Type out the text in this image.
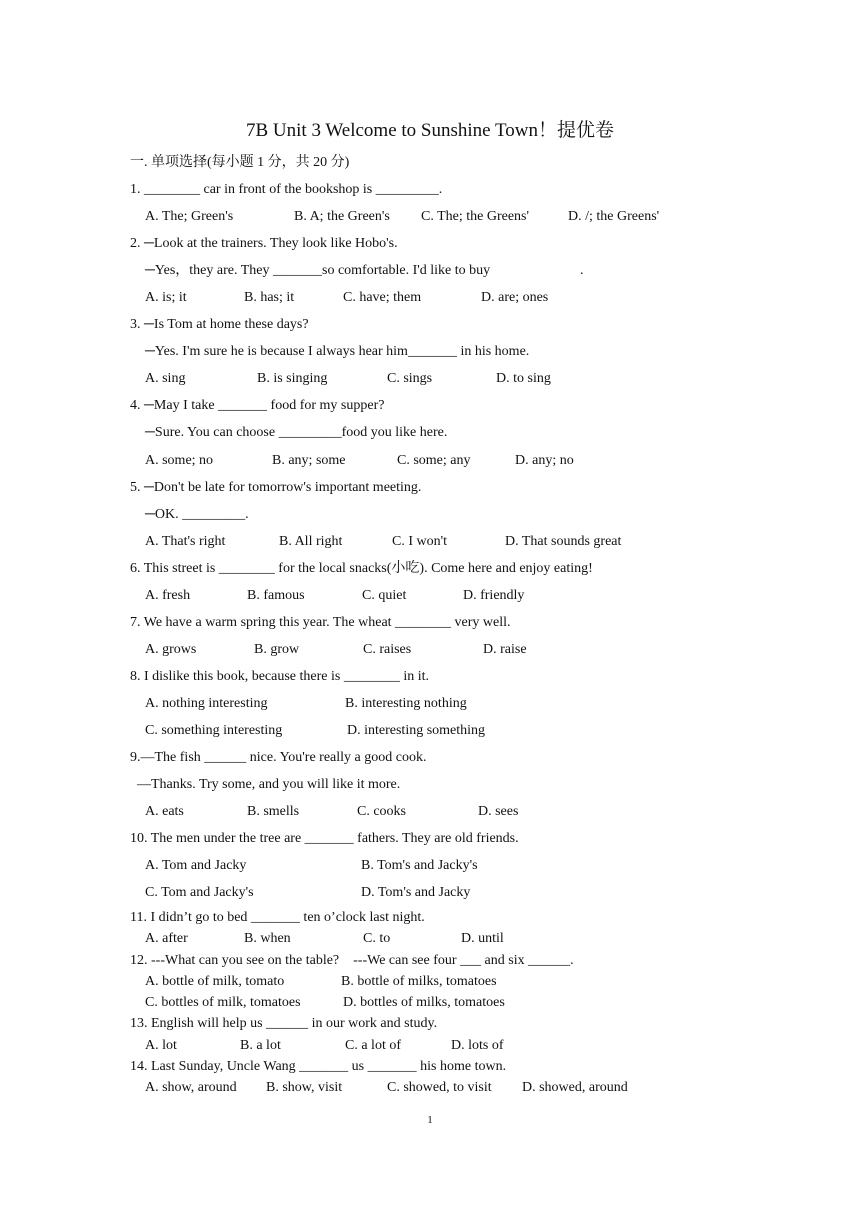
7B Unit 3 Welcome to Sunshine Town！提优卷
一. 单项选择(每小题 1 分，共 20 分)
1. ________ car in front of the bookshop is _________.
A. The; Green's	B. A; the Green's C. The; the Greens'	D. /; the Greens'
2. ─Look at the trainers. They look like Hobo's.
─Yes，they are. They _______so comfortable. I'd like to buy	.
A. is; it	B. has; it	C. have; them	D. are; ones
3. ─Is Tom at home these days?
─Yes. I'm sure he is because I always hear him_______ in his home.
A. sing	B. is singing	C. sings	D. to sing
4. ─May I take _______ food for my supper?
─Sure. You can choose _________food you like here.
A. some; no	B. any; some	C. some; any	D. any; no
5. ─Don't be late for tomorrow's important meeting.
─OK. _________.
A. That's right	B. All right	C. I won't	D. That sounds great
6. This street is ________ for the local snacks(小吃). Come here and enjoy eating!
A. fresh	B. famous	C. quiet	D. friendly
7. We have a warm spring this year. The wheat ________ very well.
A. grows	B. grow	C. raises	D. raise
8. I dislike this book, because there is ________ in it.
A. nothing interesting	B. interesting nothing
C. something interesting	D. interesting something
9.—The fish ______ nice. You're really a good cook.
—Thanks. Try some, and you will like it more.
A. eats	B. smells	C. cooks	D. sees
10. The men under the tree are _______ fathers. They are old friends.
A. Tom and Jacky	B. Tom's and Jacky's
C. Tom and Jacky's	D. Tom's and Jacky
11. I didn’t go to bed _______ ten o’clock last night.
A. after	B. when	C. to	D. until
12. ---What can you see on the table?    ---We can see four ___ and six ______.
A. bottle of milk, tomato	B. bottle of milks, tomatoes
C. bottles of milk, tomatoes	D. bottles of milks, tomatoes
13. English will help us ______ in our work and study.
A. lot	B. a lot	C. a lot of	D. lots of
14. Last Sunday, Uncle Wang _______ us _______ his home town.
A. show, around B. show, visit	C. showed, to visit D. showed, around
1
